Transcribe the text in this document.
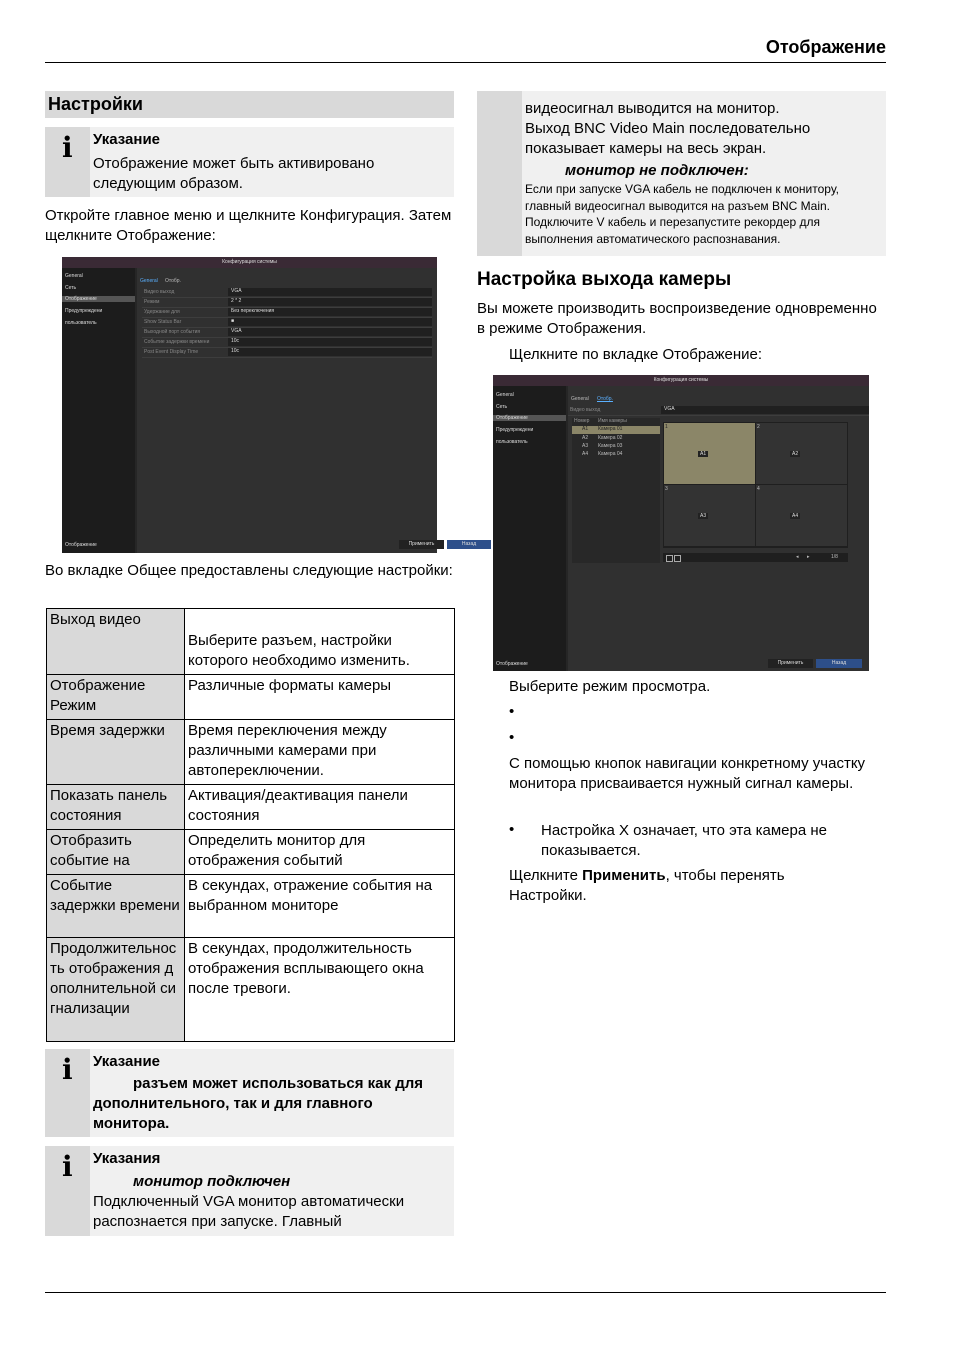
Отображение
Настройки
i Указание
Отображение может быть активировано следующим образом.
Откройте главное меню и щелкните Конфигурация. Затем щелкните Отображение:
Конфигурация системы
General
Сеть
Отображение
Предупреждени
пользователь
Отображение
General Отобр.
Видео выход	VGA
Режим	2 * 2
Удержание для	Без переключения
Show Status Bar	■
Выходной порт события	VGA
Событие задержки времени	10с
Post Event Display Time	10с
Применить	Назад
Во вкладке Общее предоставлены следующие настройки:
Выход видео	Выберите разъем, настройки которого необходимо изменить.
Отображение Режим	Различные форматы камеры
Время задержки	Время переключения между различными камерами при автопереключении.
Показать панель состояния	Активация/деактивация панели состояния
Отобразить событие на	Определить монитор для отображения событий
Событие задержки времени	В секундах, отражение события на выбранном мониторе
Продолжительность отображения дополнительной сигнализации	В секундах, продолжительность отображения всплывающего окна после тревоги.
i Указание
разъем может использоваться как для дополнительного, так и для главного монитора.
i Указания
монитор подключен
Подключенный VGA монитор автоматически распознается при запуске. Главный
видеосигнал выводится на монитор.
Выход BNC Video Main последовательно показывает камеры на весь экран.
монитор не подключен:
Если при запуске VGA кабель не подключен к монитору, главный видеосигнал выводится на разъем BNC Main. Подключите V кабель и перезапустите рекордер для выполнения автоматического распознавания.
Настройка выхода камеры
Вы можете производить воспроизведение одновременно в режиме Отображения.
Щелкните по вкладке Отображение:
Конфигурация системы
General
Сеть
Отображение
Предупреждени
пользователь
Отображение
General Отобр.
Видео выход	VGA
Номер Имя камеры
A1 Камера 01
A2 Камера 02
A3 Камера 03
A4 Камера 04
1
A1
2
A2
3
A3
4
A4
◂ ▸	1/8
Применить	Назад
Выберите режим просмотра.
•
•
С помощью кнопок навигации конкретному участку монитора присваивается нужный сигнал камеры.
• Настройка X означает, что эта камера не показывается.
Щелкните Применить, чтобы перенять Настройки.
